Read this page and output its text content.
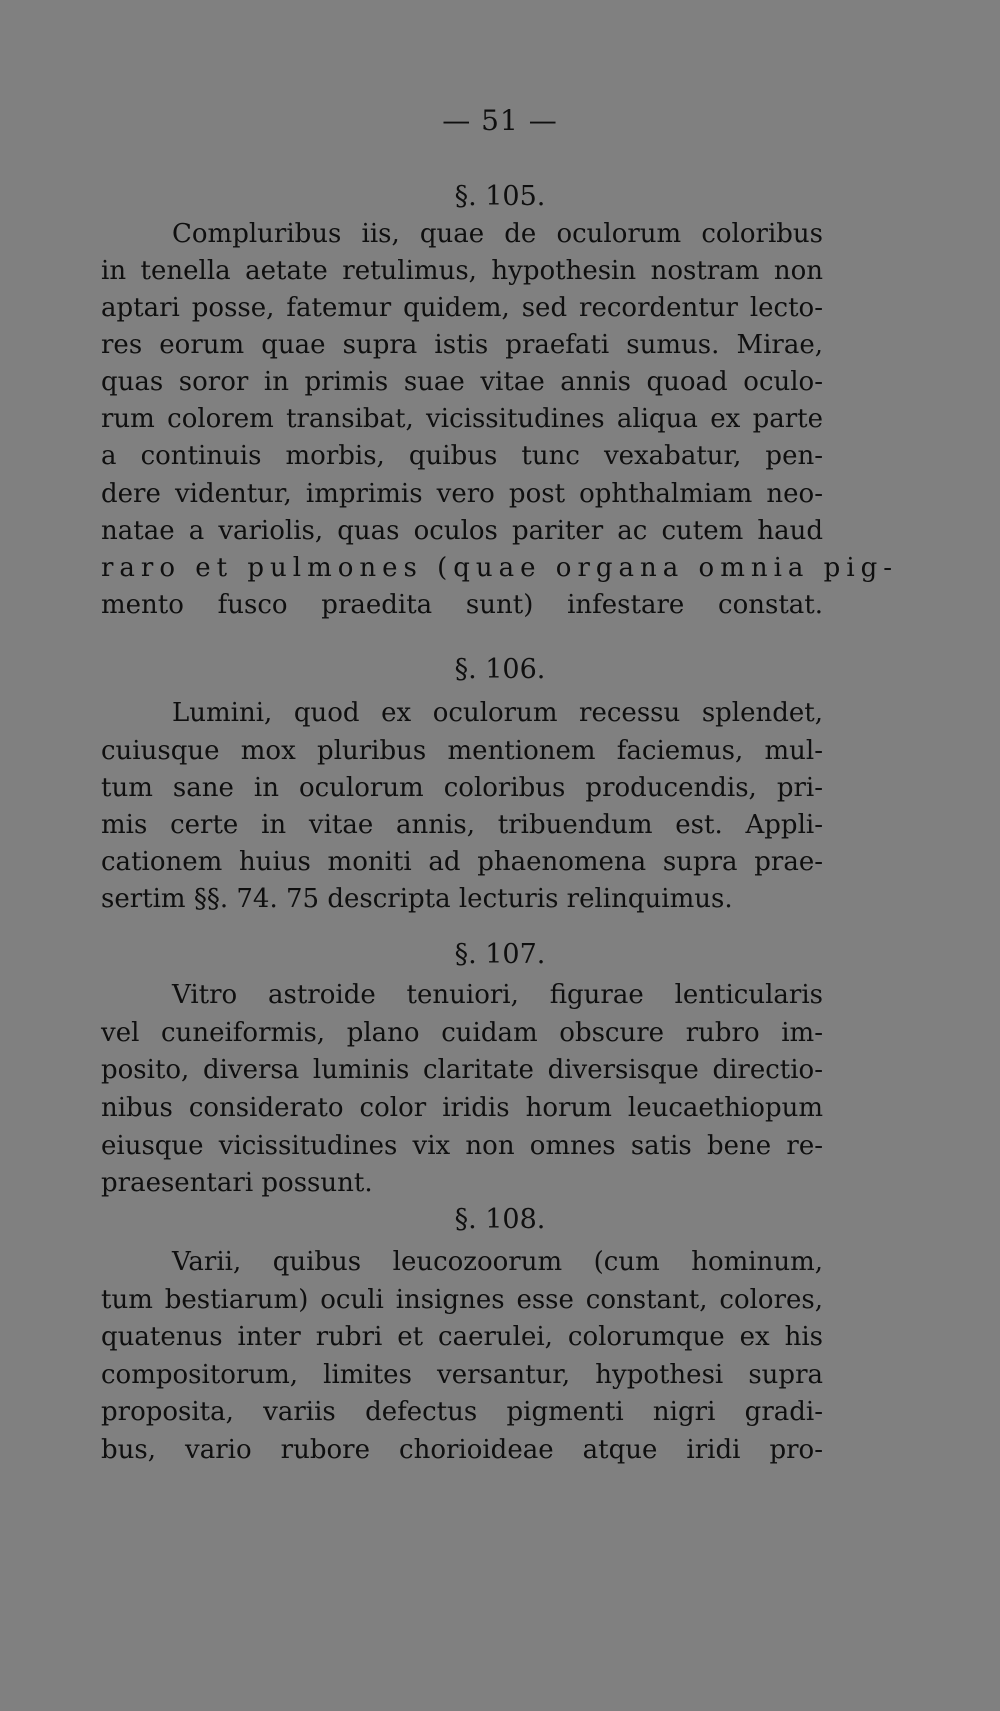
— 51 —
§. 105.
Compluribus iis, quae de oculorum coloribus
in tenella aetate retulimus, hypothesin nostram non
aptari posse, fatemur quidem, sed recordentur lecto-
res eorum quae supra istis praefati sumus. Mirae,
quas soror in primis suae vitae annis quoad oculo-
rum colorem transibat, vicissitudines aliqua ex parte
a continuis morbis, quibus tunc vexabatur, pen-
dere videntur, imprimis vero post ophthalmiam neo-
natae a variolis, quas oculos pariter ac cutem haud
raro et pulmones (quae organa omnia pig-
mento fusco praedita sunt) infestare constat.
§. 106.
Lumini, quod ex oculorum recessu splendet,
cuiusque mox pluribus mentionem faciemus, mul-
tum sane in oculorum coloribus producendis, pri-
mis certe in vitae annis, tribuendum est. Appli-
cationem huius moniti ad phaenomena supra prae-
sertim §§. 74. 75 descripta lecturis relinquimus.
§. 107.
Vitro astroide tenuiori, figurae lenticularis
vel cuneiformis, plano cuidam obscure rubro im-
posito, diversa luminis claritate diversisque directio-
nibus considerato color iridis horum leucaethiopum
eiusque vicissitudines vix non omnes satis bene re-
praesentari possunt.
§. 108.
Varii, quibus leucozoorum (cum hominum,
tum bestiarum) oculi insignes esse constant, colores,
quatenus inter rubri et caerulei, colorumque ex his
compositorum, limites versantur, hypothesi supra
proposita, variis defectus pigmenti nigri gradi-
bus, vario rubore chorioideae atque iridi pro-
